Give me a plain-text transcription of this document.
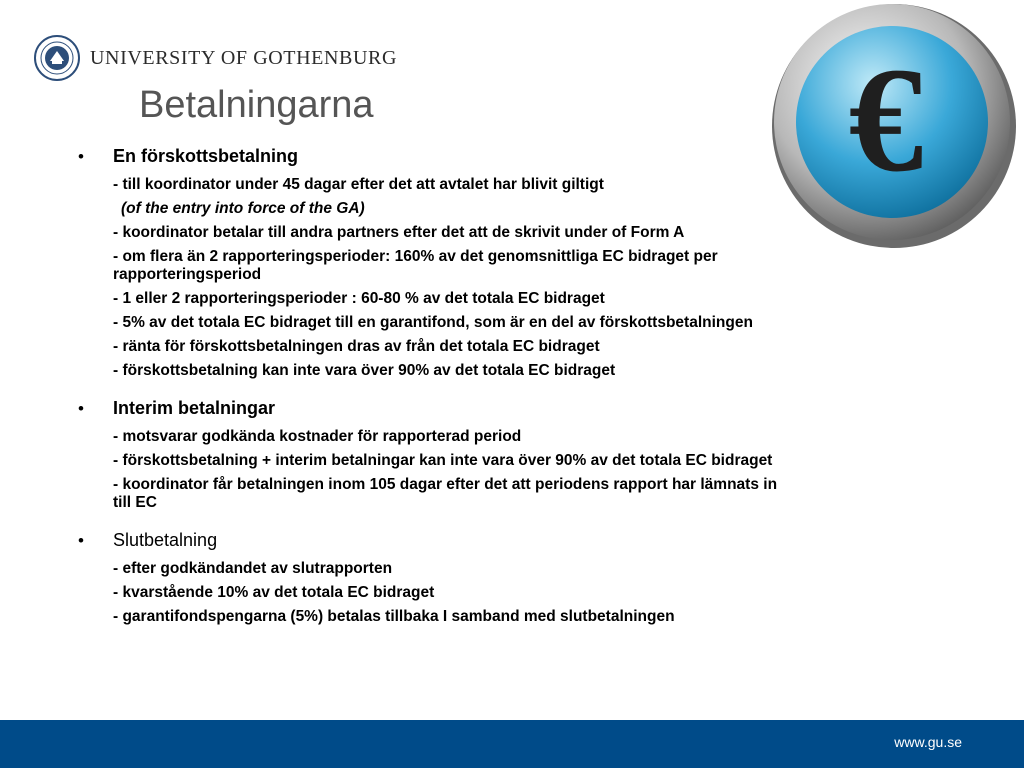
UNIVERSITY OF GOTHENBURG
Betalningarna	€
•	En förskottsbetalning
- till koordinator under 45 dagar efter det att avtalet har blivit giltigt
(of the entry into force of the GA)
- koordinator betalar till andra partners efter det att de skrivit under of Form A
- om flera än 2 rapporteringsperioder: 160% av det genomsnittliga EC bidraget per rapporteringsperiod
- 1 eller 2 rapporteringsperioder : 60-80 % av det totala EC bidraget
- 5% av det totala EC bidraget till en garantifond, som är en del av förskottsbetalningen
- ränta för förskottsbetalningen dras av från det totala EC bidraget
- förskottsbetalning kan inte vara över 90% av det totala EC bidraget
•	Interim betalningar
- motsvarar godkända kostnader för rapporterad period
- förskottsbetalning + interim betalningar kan inte vara över 90% av det totala EC bidraget
- koordinator får betalningen inom 105 dagar efter det att periodens rapport har lämnats in till EC
•	Slutbetalning
- efter godkändandet av slutrapporten
- kvarstående 10% av det totala EC bidraget
- garantifondspengarna (5%) betalas tillbaka I samband med slutbetalningen
www.gu.se
